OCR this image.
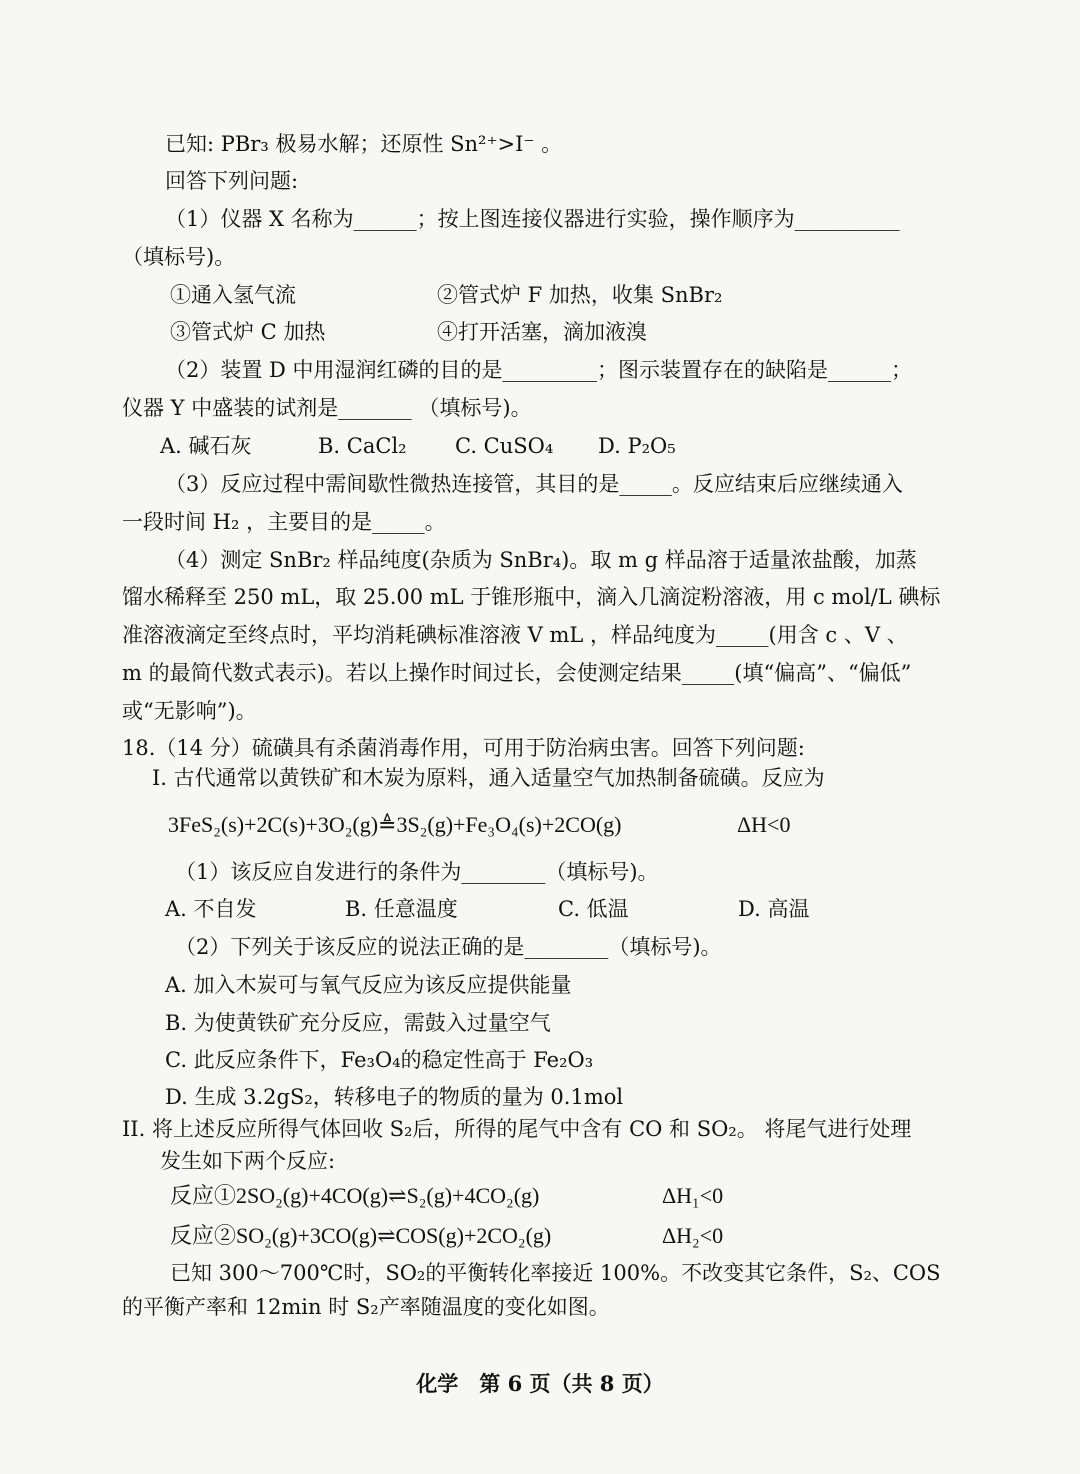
已知: PBr₃ 极易水解；还原性 Sn²⁺>I⁻ 。
回答下列问题:
（1）仪器 X 名称为______；按上图连接仪器进行实验，操作顺序为__________
（填标号)。
①通入氢气流	②管式炉 F 加热，收集 SnBr₂
③管式炉 C 加热	④打开活塞，滴加液溴
（2）装置 D 中用湿润红磷的目的是_________；图示装置存在的缺陷是______；
仪器 Y 中盛装的试剂是_______ （填标号)。
A. 碱石灰	B. CaCl₂ C. CuSO₄ D. P₂O₅
（3）反应过程中需间歇性微热连接管，其目的是_____。反应结束后应继续通入
一段时间 H₂ ，主要目的是_____。
（4）测定 SnBr₂ 样品纯度(杂质为 SnBr₄)。取 m g 样品溶于适量浓盐酸，加蒸
馏水稀释至 250 mL，取 25.00 mL 于锥形瓶中，滴入几滴淀粉溶液，用 c mol/L 碘标
准溶液滴定至终点时，平均消耗碘标准溶液 V mL ，样品纯度为_____(用含 c 、V 、
m 的最简代数式表示)。若以上操作时间过长，会使测定结果_____(填“偏高”、“偏低”
或“无影响”)。
18.（14 分）硫磺具有杀菌消毒作用，可用于防治病虫害。回答下列问题:
I. 古代通常以黄铁矿和木炭为原料，通入适量空气加热制备硫磺。反应为
3FeS₂(s)+2C(s)+3O₂(g)≜3S₂(g)+Fe₃O₄(s)+2CO(g)	ΔH<0
（1）该反应自发进行的条件为________（填标号)。
A. 不自发	B. 任意温度	C. 低温	D. 高温
（2）下列关于该反应的说法正确的是________（填标号)。
A. 加入木炭可与氧气反应为该反应提供能量
B. 为使黄铁矿充分反应，需鼓入过量空气
C. 此反应条件下，Fe₃O₄的稳定性高于 Fe₂O₃
D. 生成 3.2gS₂，转移电子的物质的量为 0.1mol
II. 将上述反应所得气体回收 S₂后，所得的尾气中含有 CO 和 SO₂。 将尾气进行处理
发生如下两个反应:
反应①2SO₂(g)+4CO(g)⇌S₂(g)+4CO₂(g)	ΔH₁<0
反应②SO₂(g)+3CO(g)⇌COS(g)+2CO₂(g)	ΔH₂<0
已知 300～700℃时，SO₂的平衡转化率接近 100%。不改变其它条件，S₂、COS
的平衡产率和 12min 时 S₂产率随温度的变化如图。
化学　第 6 页（共 8 页）
